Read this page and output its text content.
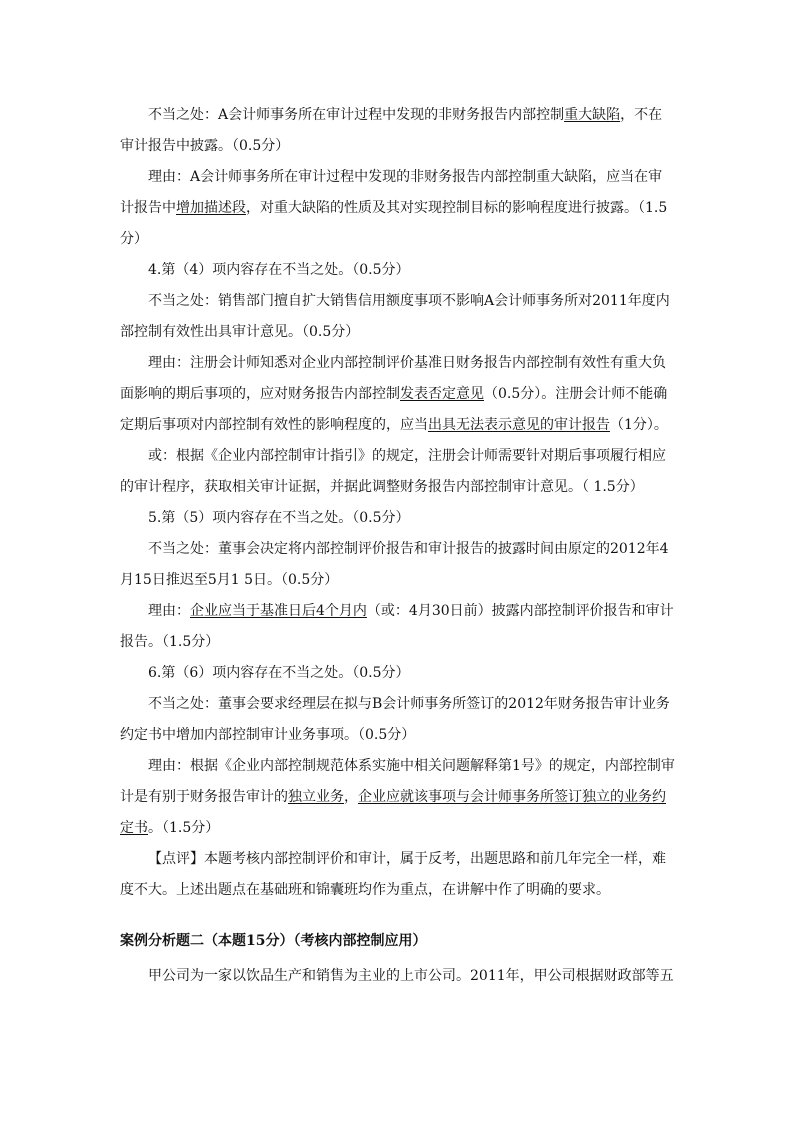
不当之处：A会计师事务所在审计过程中发现的非财务报告内部控制重大缺陷，不在审计报告中披露。（0.5分）

理由：A会计师事务所在审计过程中发现的非财务报告内部控制重大缺陷，应当在审计报告中增加描述段，对重大缺陷的性质及其对实现控制目标的影响程度进行披露。（1.5分）

4.第（4）项内容存在不当之处。（0.5分）

不当之处：销售部门擅自扩大销售信用额度事项不影响A会计师事务所对2011年度内部控制有效性出具审计意见。（0.5分）

理由：注册会计师知悉对企业内部控制评价基准日财务报告内部控制有效性有重大负面影响的期后事项的，应对财务报告内部控制发表否定意见（0.5分）。注册会计师不能确定期后事项对内部控制有效性的影响程度的，应当出具无法表示意见的审计报告（1分）。

或：根据《企业内部控制审计指引》的规定，注册会计师需要针对期后事项履行相应的审计程序，获取相关审计证据，并据此调整财务报告内部控制审计意见。（ 1.5分）

5.第（5）项内容存在不当之处。（0.5分）

不当之处：董事会决定将内部控制评价报告和审计报告的披露时间由原定的2012年4月15日推迟至5月1 5日。（0.5分）

理由：企业应当于基准日后4个月内（或：4月30日前）披露内部控制评价报告和审计报告。（1.5分）

6.第（6）项内容存在不当之处。（0.5分）

不当之处：董事会要求经理层在拟与B会计师事务所签订的2012年财务报告审计业务约定书中增加内部控制审计业务事项。（0.5分）

理由：根据《企业内部控制规范体系实施中相关问题解释第1号》的规定，内部控制审计是有别于财务报告审计的独立业务，企业应就该事项与会计师事务所签订独立的业务约定书。（1.5分）

【点评】本题考核内部控制评价和审计，属于反考，出题思路和前几年完全一样，难度不大。上述出题点在基础班和锦囊班均作为重点，在讲解中作了明确的要求。

案例分析题二（本题15分）（考核内部控制应用）

甲公司为一家以饮品生产和销售为主业的上市公司。2011年，甲公司根据财政部等五
